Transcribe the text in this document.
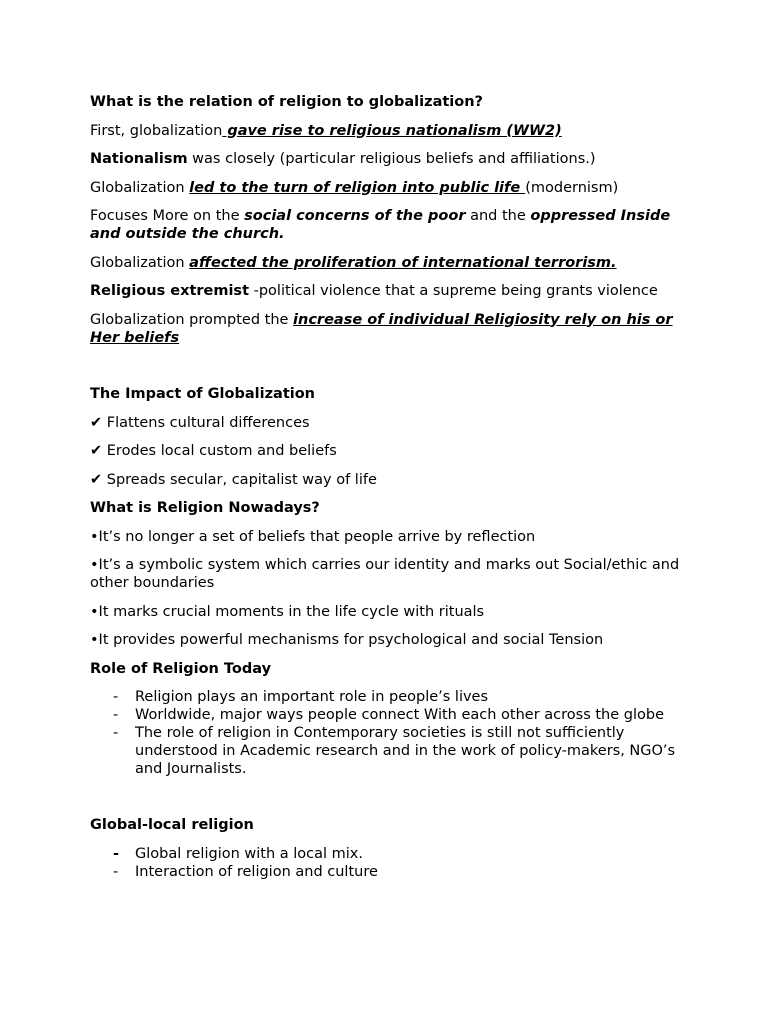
What is the relation of religion to globalization?

First, globalization gave rise to religious nationalism (WW2)

Nationalism was closely (particular religious beliefs and affiliations.)

Globalization led to the turn of religion into public life (modernism)

Focuses More on the social concerns of the poor and the oppressed Inside and outside the church.

Globalization affected the proliferation of international terrorism.

Religious extremist -political violence that a supreme being grants violence

Globalization prompted the increase of individual Religiosity rely on his or Her beliefs

The Impact of Globalization

✔ Flattens cultural differences

✔ Erodes local custom and beliefs

✔ Spreads secular, capitalist way of life

What is Religion Nowadays?

•It’s no longer a set of beliefs that people arrive by reflection

•It’s a symbolic system which carries our identity and marks out Social/ethic and other boundaries

•It marks crucial moments in the life cycle with rituals

•It provides powerful mechanisms for psychological and social Tension

Role of Religion Today

- Religion plays an important role in people’s lives
- Worldwide, major ways people connect With each other across the globe
- The role of religion in Contemporary societies is still not sufficiently understood in Academic research and in the work of policy-makers, NGO’s and Journalists.

Global-local religion

- Global religion with a local mix.
- Interaction of religion and culture
